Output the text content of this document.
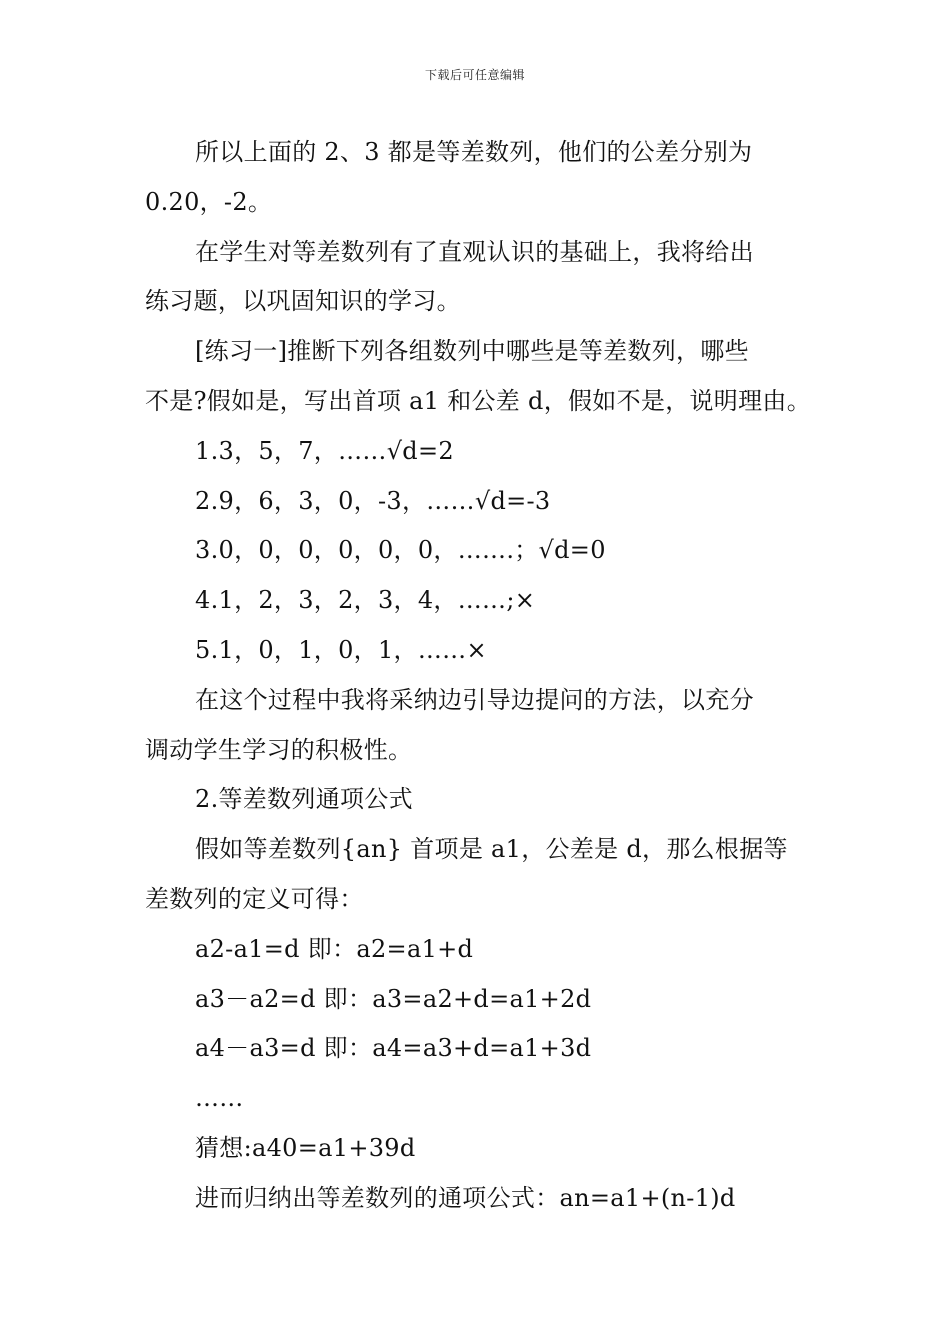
下载后可任意编辑
所以上面的 2、3 都是等差数列，他们的公差分别为
0.20，-2。
在学生对等差数列有了直观认识的基础上，我将给出
练习题，以巩固知识的学习。
[练习一]推断下列各组数列中哪些是等差数列，哪些
不是?假如是，写出首项 a1 和公差 d，假如不是，说明理由。
1.3，5，7，……√d=2
2.9，6，3，0，-3，……√d=-3
3.0，0，0，0，0，0，…….；√d=0
4.1，2，3，2，3，4，……;×
5.1，0，1，0，1，……×
在这个过程中我将采纳边引导边提问的方法，以充分
调动学生学习的积极性。
2.等差数列通项公式
假如等差数列{an} 首项是 a1，公差是 d，那么根据等
差数列的定义可得：
a2-a1=d 即：a2=a1+d
a3－a2=d 即：a3=a2+d=a1+2d
a4－a3=d 即：a4=a3+d=a1+3d
……
猜想:a40=a1+39d
进而归纳出等差数列的通项公式：an=a1+(n-1)d
